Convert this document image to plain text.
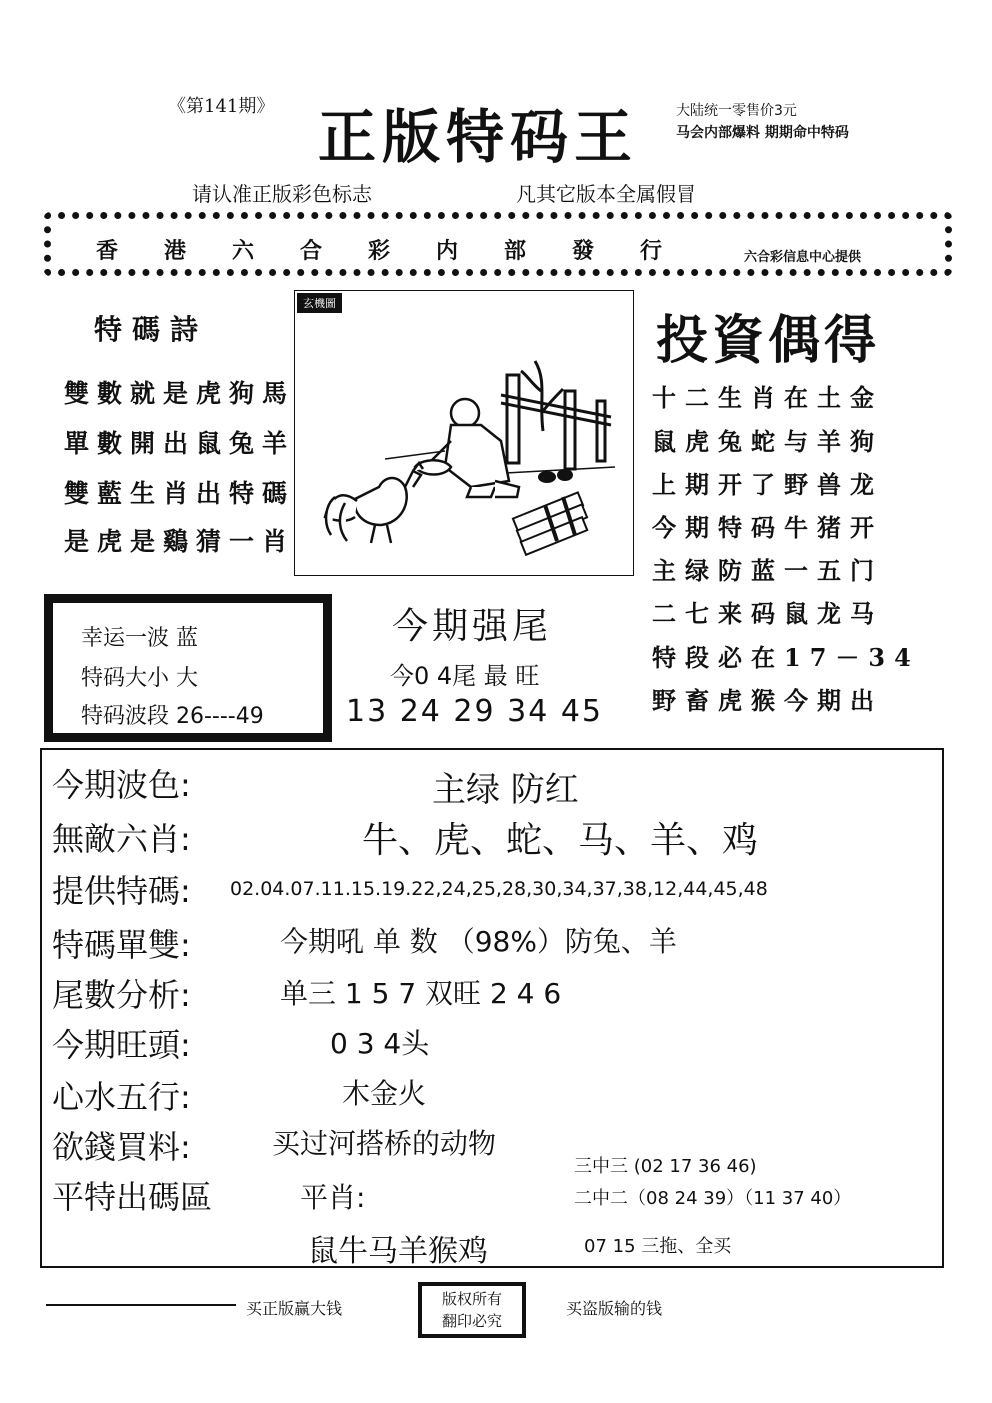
《第141期》 正版特码王	大陆统一零售价3元
马会内部爆料 期期命中特码
请认准正版彩色标志	凡其它版本全属假冒
香港六合彩内部發行	六合彩信息中心提供
特碼詩
雙數就是虎狗馬
單數開出鼠兔羊
雙藍生肖出特碼
是虎是鷄猜一肖
玄機圖
投資偶得
十二生肖在土金
鼠虎兔蛇与羊狗
上期开了野兽龙
今期特码牛猪开
主绿防蓝一五门
二七来码鼠龙马
特段必在17－34
野畜虎猴今期出
幸运一波 蓝
特码大小 大
特码波段 26----49
今期强尾
今0 4尾 最 旺
13 24 29 34 45
今期波色:	主绿 防红
無敵六肖:	牛、虎、蛇、马、羊、鸡
提供特碼: 02.04.07.11.15.19.22,24,25,28,30,34,37,38,12,44,45,48
特碼單雙:	今期吼 单 数 （98%）防兔、羊
尾數分析:	单三 1 5 7 双旺 2 4 6
今期旺頭:	0 3 4头
心水五行:	木金火
欲錢買料:	买过河搭桥的动物
平特出碼區	平肖:
鼠牛马羊猴鸡
三中三 (02 17 36 46)
二中二（08 24 39）（11 37 40）
07 15 三拖、全买
买正版赢大钱	版权所有
翻印必究
买盗版输的钱
